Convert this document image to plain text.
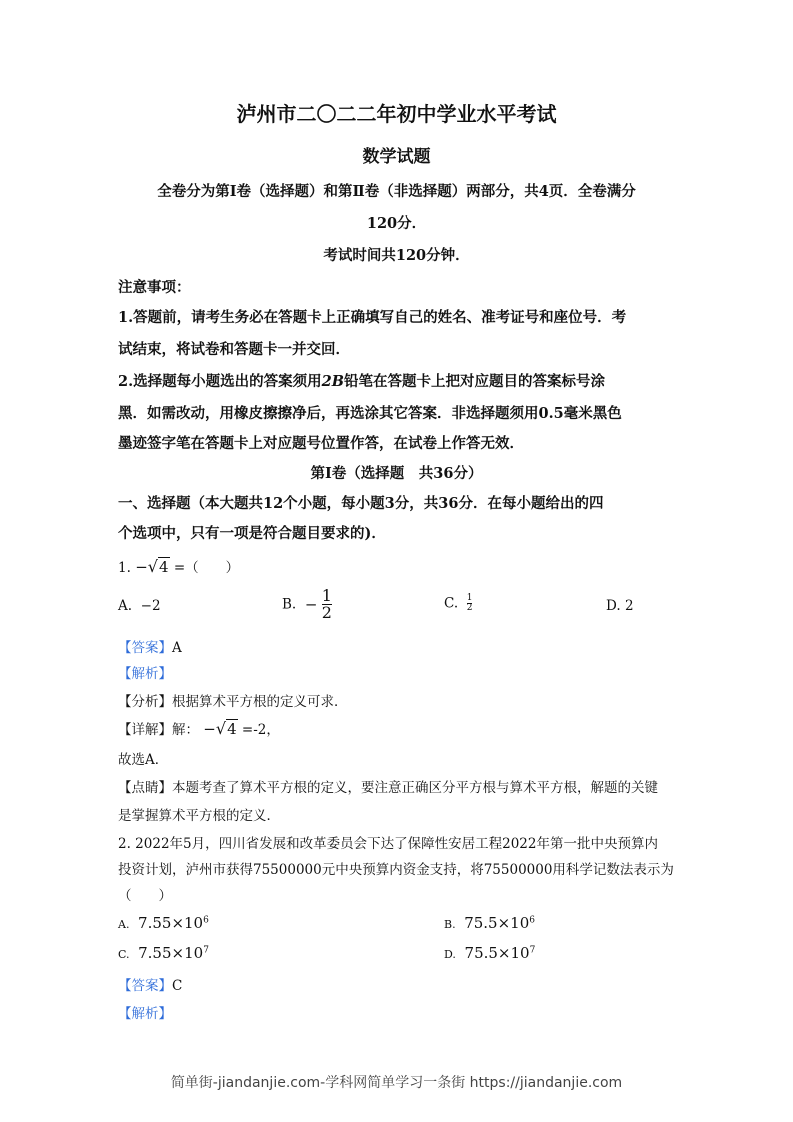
泸州市二〇二二年初中学业水平考试
数学试题
全卷分为第Ⅰ卷（选择题）和第Ⅱ卷（非选择题）两部分，共4页．全卷满分
120分．
考试时间共120分钟．
注意事项：
1.答题前，请考生务必在答题卡上正确填写自己的姓名、准考证号和座位号．考
试结束，将试卷和答题卡一并交回．
2.选择题每小题选出的答案须用2B铅笔在答题卡上把对应题目的答案标号涂
黑．如需改动，用橡皮擦擦净后，再选涂其它答案．非选择题须用0.5毫米黑色
墨迹签字笔在答题卡上对应题号位置作答，在试卷上作答无效．
第Ⅰ卷（选择题　共36分）
一、选择题（本大题共12个小题，每小题3分，共36分．在每小题给出的四
个选项中，只有一项是符合题目要求的)．
1. −√4 =（　　）
A. −2	B. − $\frac{1}{2}$	C. $\frac{1}{2}$	D. 2
【答案】A
【解析】
【分析】根据算术平方根的定义可求．
【详解】解： −√4 =-2，
故选A．
【点睛】本题考查了算术平方根的定义，要注意正确区分平方根与算术平方根，解题的关键
是掌握算术平方根的定义．
2. 2022年5月，四川省发展和改革委员会下达了保障性安居工程2022年第一批中央预算内
投资计划，泸州市获得75500000元中央预算内资金支持，将75500000用科学记数法表示为
（　　）
A. $7.55\times 10^6$	B. $75.5\times 10^6$
C. $7.55\times 10^7$	D. $75.5\times 10^7$
【答案】C
【解析】
简单街-jiandanjie.com-学科网简单学习一条街 https://jiandanjie.com
